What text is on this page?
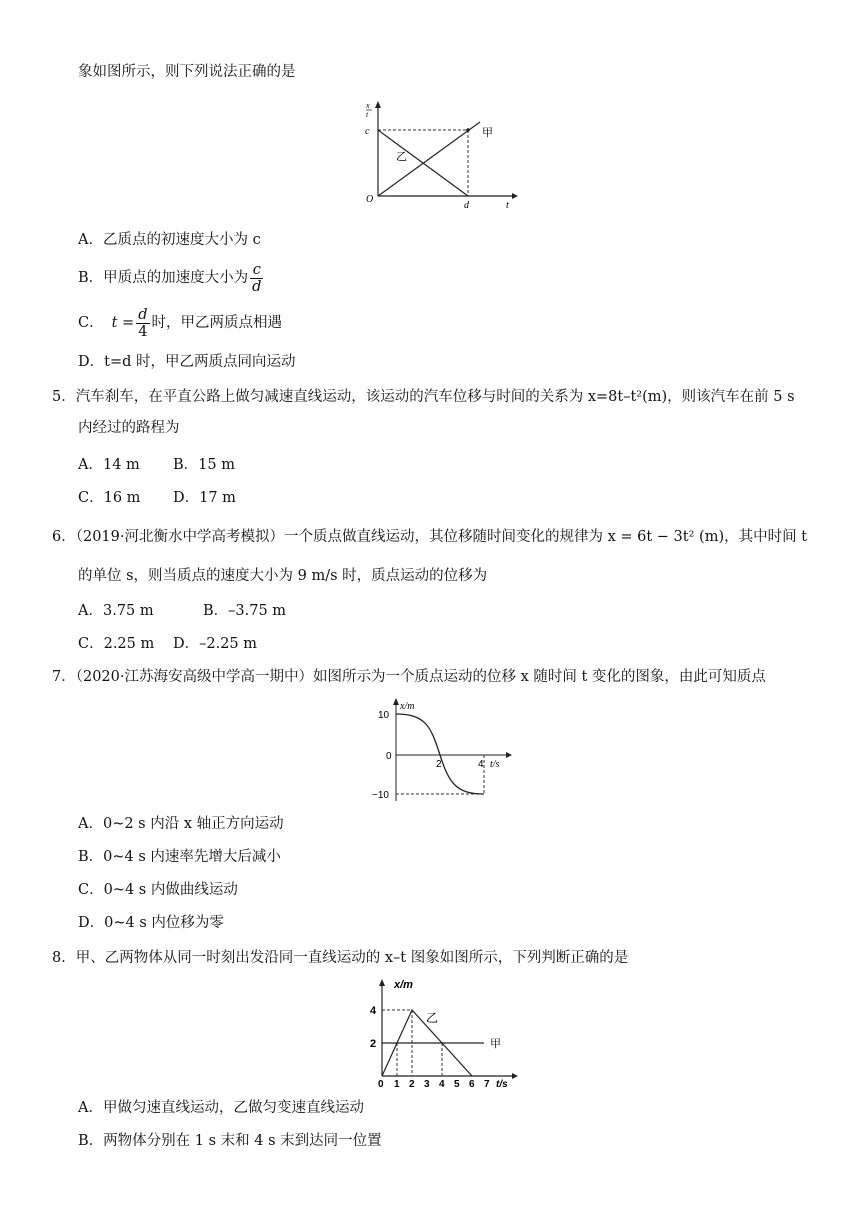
象如图所示，则下列说法正确的是
x
t
c
O
d	t
甲
乙
A．乙质点的初速度大小为 c
B．甲质点的加速度大小为 $\frac{c}{d}$
C． $t = \frac{d}{4}$ 时，甲乙两质点相遇
D．t=d 时，甲乙两质点同向运动
5．汽车刹车，在平直公路上做匀减速直线运动，该运动的汽车位移与时间的关系为 x=8t–t²(m)，则该汽车在前 5 s
内经过的路程为
A．14 m B．15 m
C．16 m D．17 m
6．（2019·河北衡水中学高考模拟）一个质点做直线运动，其位移随时间变化的规律为 x = 6t − 3t² (m)，其中时间 t
的单位 s，则当质点的速度大小为 9 m/s 时，质点运动的位移为
A．3.75 m	B．–3.75 m
C．2.25 m D．–2.25 m
7．（2020·江苏海安高级中学高一期中）如图所示为一个质点运动的位移 x 随时间 t 变化的图象，由此可知质点
x/m
t/s
10
0
−10
2	4
A．0~2 s 内沿 x 轴正方向运动
B．0~4 s 内速率先增大后减小
C．0~4 s 内做曲线运动
D．0~4 s 内位移为零
8．甲、乙两物体从同一时刻出发沿同一直线运动的 x–t 图象如图所示，下列判断正确的是
x/m
4
2
0 1 2 3 4 5 6 7 t/s
甲
乙
A．甲做匀速直线运动，乙做匀变速直线运动
B．两物体分别在 1 s 末和 4 s 末到达同一位置
